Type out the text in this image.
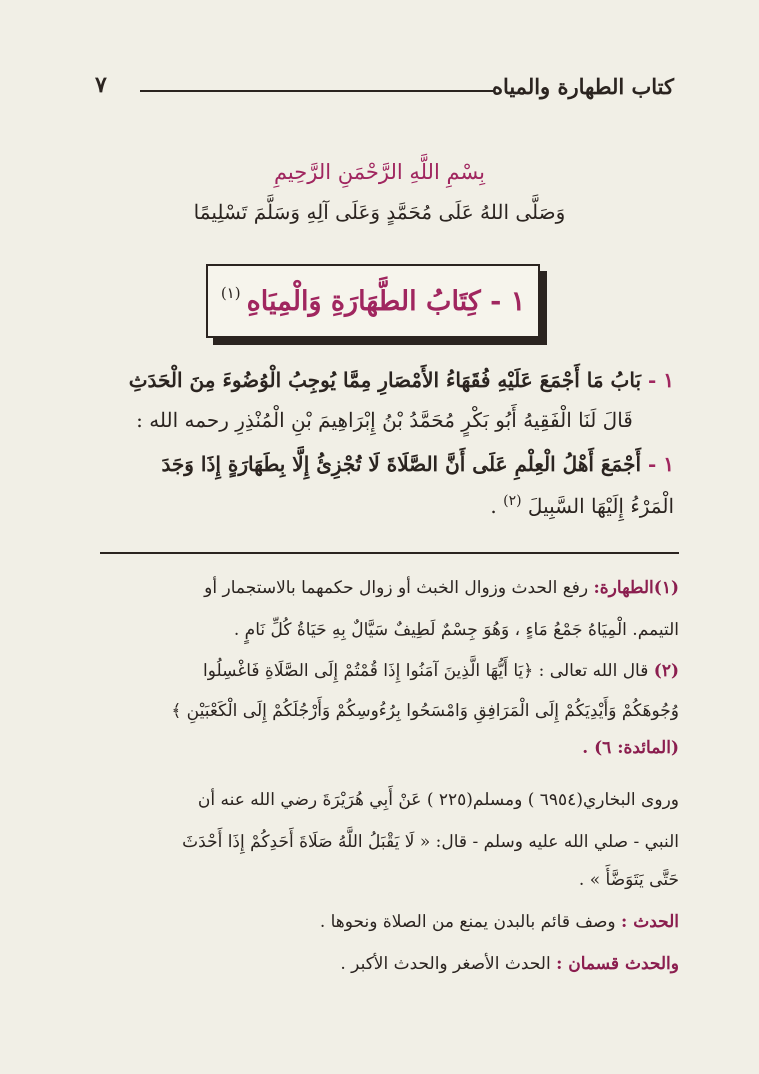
كتاب الطهارة والمياه
٧
بِسْمِ اللَّهِ الرَّحْمَنِ الرَّحِيمِ
وَصَلَّى اللهُ عَلَى مُحَمَّدٍ وَعَلَى آلِهِ وَسَلَّمَ تَسْلِيمًا
١ - كِتَابُ الطَّهَارَةِ وَالْمِيَاهِ
(١)
١ - بَابُ مَا أَجْمَعَ عَلَيْهِ فُقَهَاءُ الأَمْصَارِ مِمَّا يُوجِبُ الْوُضُوءَ مِنَ الْحَدَثِ
قَالَ لَنَا الْفَقِيهُ أَبُو بَكْرٍ مُحَمَّدُ بْنُ إِبْرَاهِيمَ بْنِ الْمُنْذِرِ رحمه الله :
١ - أَجْمَعَ أَهْلُ الْعِلْمِ عَلَى أَنَّ الصَّلَاةَ لَا تُجْزِئُ إِلَّا بِطَهَارَةٍ إِذَا وَجَدَ
الْمَرْءُ إِلَيْهَا السَّبِيلَ $^{(٢)}$ .
(١)الطهارة: رفع الحدث وزوال الخبث أو زوال حكمهما بالاستجمار أو
التيمم. الْمِيَاهُ جَمْعُ مَاءٍ ، وَهُوَ جِسْمٌ لَطِيفٌ سَيَّالٌ بِهِ حَيَاةُ كُلِّ نَامٍ .
(٢) قال الله تعالى : ﴿يَا أَيُّهَا الَّذِينَ آمَنُوا إِذَا قُمْتُمْ إِلَى الصَّلَاةِ فَاغْسِلُوا
وُجُوهَكُمْ وَأَيْدِيَكُمْ إِلَى الْمَرَافِقِ وَامْسَحُوا بِرُءُوسِكُمْ وَأَرْجُلَكُمْ إِلَى الْكَعْبَيْنِ ﴾
(المائدة: ٦) .
وروى البخاري(٦٩٥٤ ) ومسلم(٢٢٥ ) عَنْ أَبِي هُرَيْرَةَ رضي الله عنه أن
النبي - صلي الله عليه وسلم - قال: « لَا يَقْبَلُ اللَّهُ صَلَاةَ أَحَدِكُمْ إِذَا أَحْدَثَ
حَتَّى يَتَوَضَّأَ » .
الحدث : وصف قائم بالبدن يمنع من الصلاة ونحوها .
والحدث قسمان : الحدث الأصغر والحدث الأكبر .
